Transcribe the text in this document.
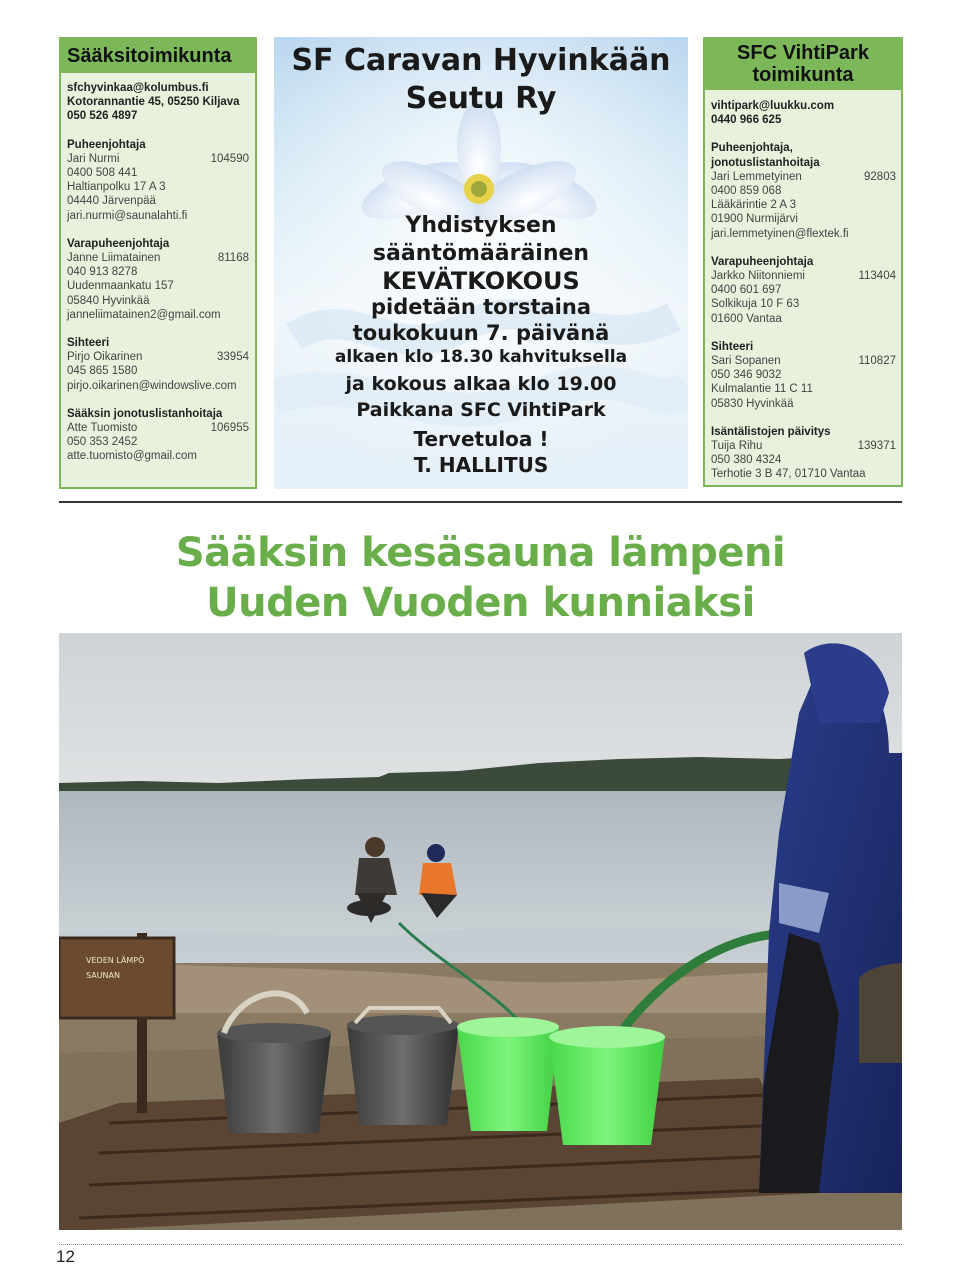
Sääksitoimikunta
sfchyvinkaa@kolumbus.fi
Kotorannantie 45, 05250 Kiljava
050 526 4897
Puheenjohtaja
Jari Nurmi	104590
0400 508 441
Haltianpolku 17 A 3
04440 Järvenpää
jari.nurmi@saunalahti.fi
Varapuheenjohtaja
Janne Liimatainen	81168
040 913 8278
Uudenmaankatu 157
05840 Hyvinkää
janneliimatainen2@gmail.com
Sihteeri
Pirjo Oikarinen	33954
045 865 1580
pirjo.oikarinen@windowslive.com
Sääksin jonotuslistanhoitaja
Atte Tuomisto	106955
050 353 2452
atte.tuomisto@gmail.com
SF Caravan Hyvinkään
Seutu Ry
Yhdistyksen
sääntömääräinen
KEVÄTKOKOUS
pidetään torstaina
toukokuun 7. päivänä
alkaen klo 18.30 kahvituksella
ja kokous alkaa klo 19.00
Paikkana SFC VihtiPark
Tervetuloa !
T. HALLITUS
SFC VihtiPark
toimikunta
vihtipark@luukku.com
0440 966 625
Puheenjohtaja,
jonotuslistanhoitaja
Jari Lemmetyinen	92803
0400 859 068
Lääkärintie 2 A 3
01900 Nurmijärvi
jari.lemmetyinen@flextek.fi
Varapuheenjohtaja
Jarkko Niitonniemi	113404
0400 601 697
Solkikuja 10 F 63
01600 Vantaa
Sihteeri
Sari Sopanen	110827
050 346 9032
Kulmalantie 11 C 11
05830 Hyvinkää
Isäntälistojen päivitys
Tuija Rihu	139371
050 380 4324
Terhotie 3 B 47, 01710 Vantaa
Sääksin kesäsauna lämpeni
Uuden Vuoden kunniaksi
VEDEN LÄMPÖ
SAUNAN
12
